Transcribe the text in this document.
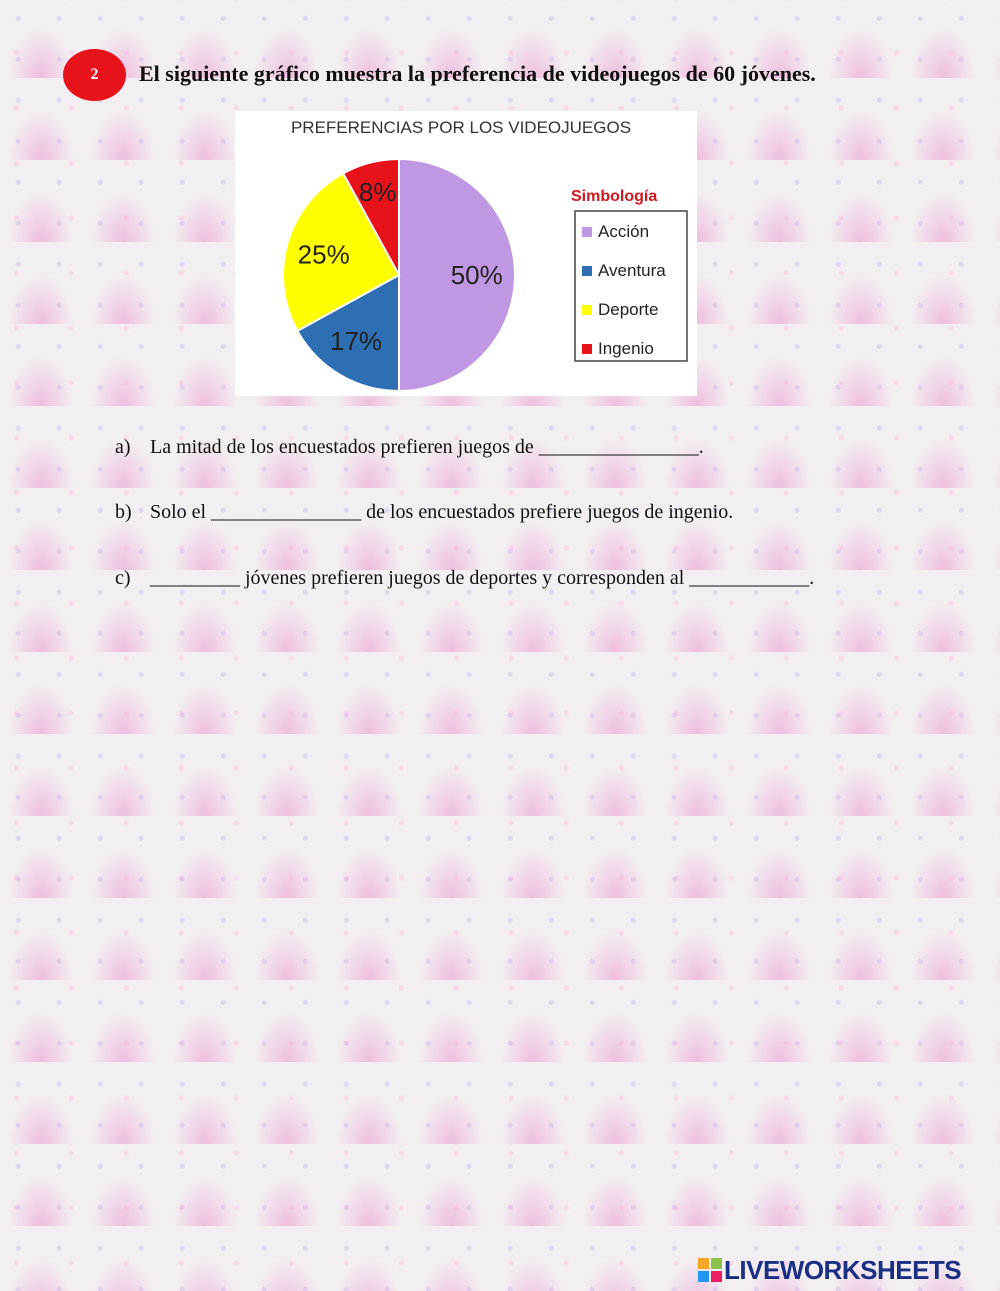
2 El siguiente gráfico muestra la preferencia de videojuegos de 60 jóvenes.
PREFERENCIAS POR LOS VIDEOJUEGOS
50%
17%
25%
8%	Simbología
Acción
Aventura
Deporte
Ingenio
a) La mitad de los encuestados prefieren juegos de ________________.
b) Solo el _______________ de los encuestados prefiere juegos de ingenio.
c) _________ jóvenes prefieren juegos de deportes y corresponden al ____________.
LIVEWORKSHEETS
